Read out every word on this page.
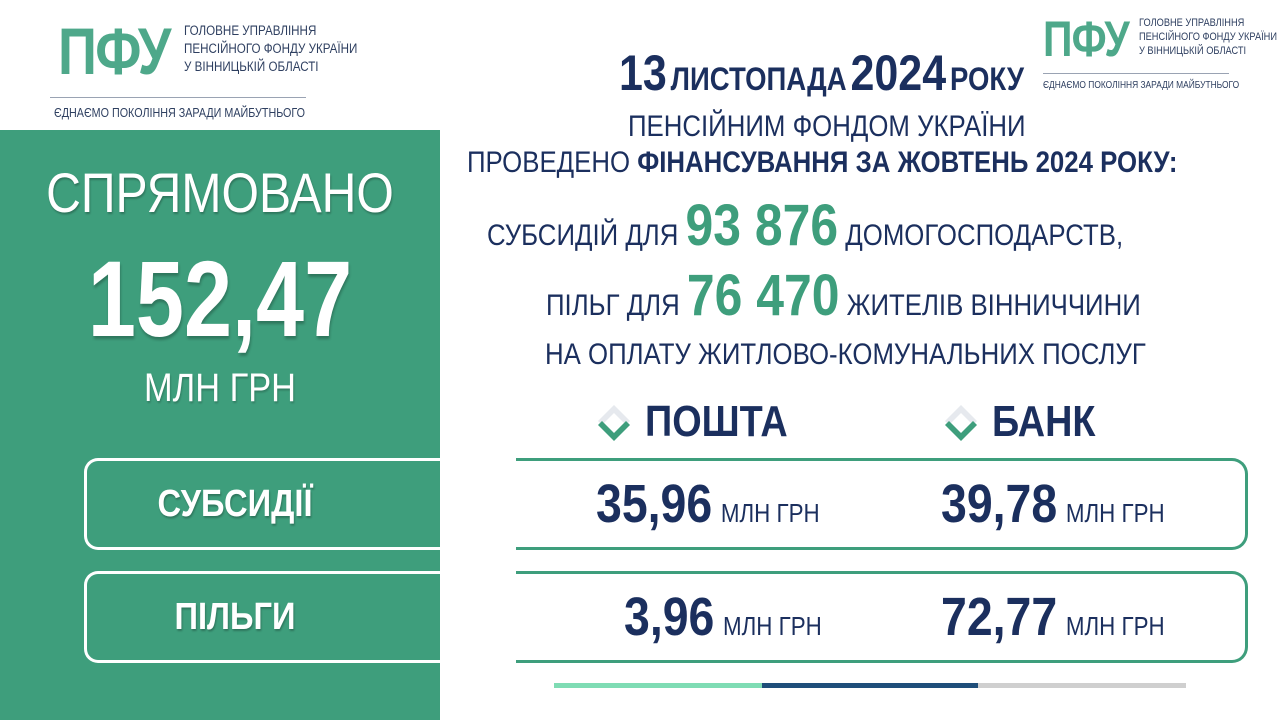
ПФУ ГОЛОВНЕ УПРАВЛІННЯ
ПЕНСІЙНОГО ФОНДУ УКРАЇНИ
У ВІННИЦЬКІЙ ОБЛАСТІ
ЄДНАЄМО ПОКОЛІННЯ ЗАРАДИ МАЙБУТНЬОГО
ПФУ ГОЛОВНЕ УПРАВЛІННЯ
ПЕНСІЙНОГО ФОНДУ УКРАЇНИ
У ВІННИЦЬКІЙ ОБЛАСТІ
ЄДНАЄМО ПОКОЛІННЯ ЗАРАДИ МАЙБУТНЬОГО
СПРЯМОВАНО
152,47
МЛН ГРН
СУБСИДІЇ
ПІЛЬГИ
13 ЛИСТОПАДА 2024 РОКУ
ПЕНСІЙНИМ ФОНДОМ УКРАЇНИ
ПРОВЕДЕНО ФІНАНСУВАННЯ ЗА ЖОВТЕНЬ 2024 РОКУ:
СУБСИДІЙ ДЛЯ 93 876 ДОМОГОСПОДАРСТВ,
ПІЛЬГ ДЛЯ 76 470 ЖИТЕЛІВ ВІННИЧЧИНИ
НА ОПЛАТУ ЖИТЛОВО-КОМУНАЛЬНИХ ПОСЛУГ
ПОШТА	БАНК
35,96 МЛН ГРН 39,78 МЛН ГРН
3,96 МЛН ГРН 72,77 МЛН ГРН
